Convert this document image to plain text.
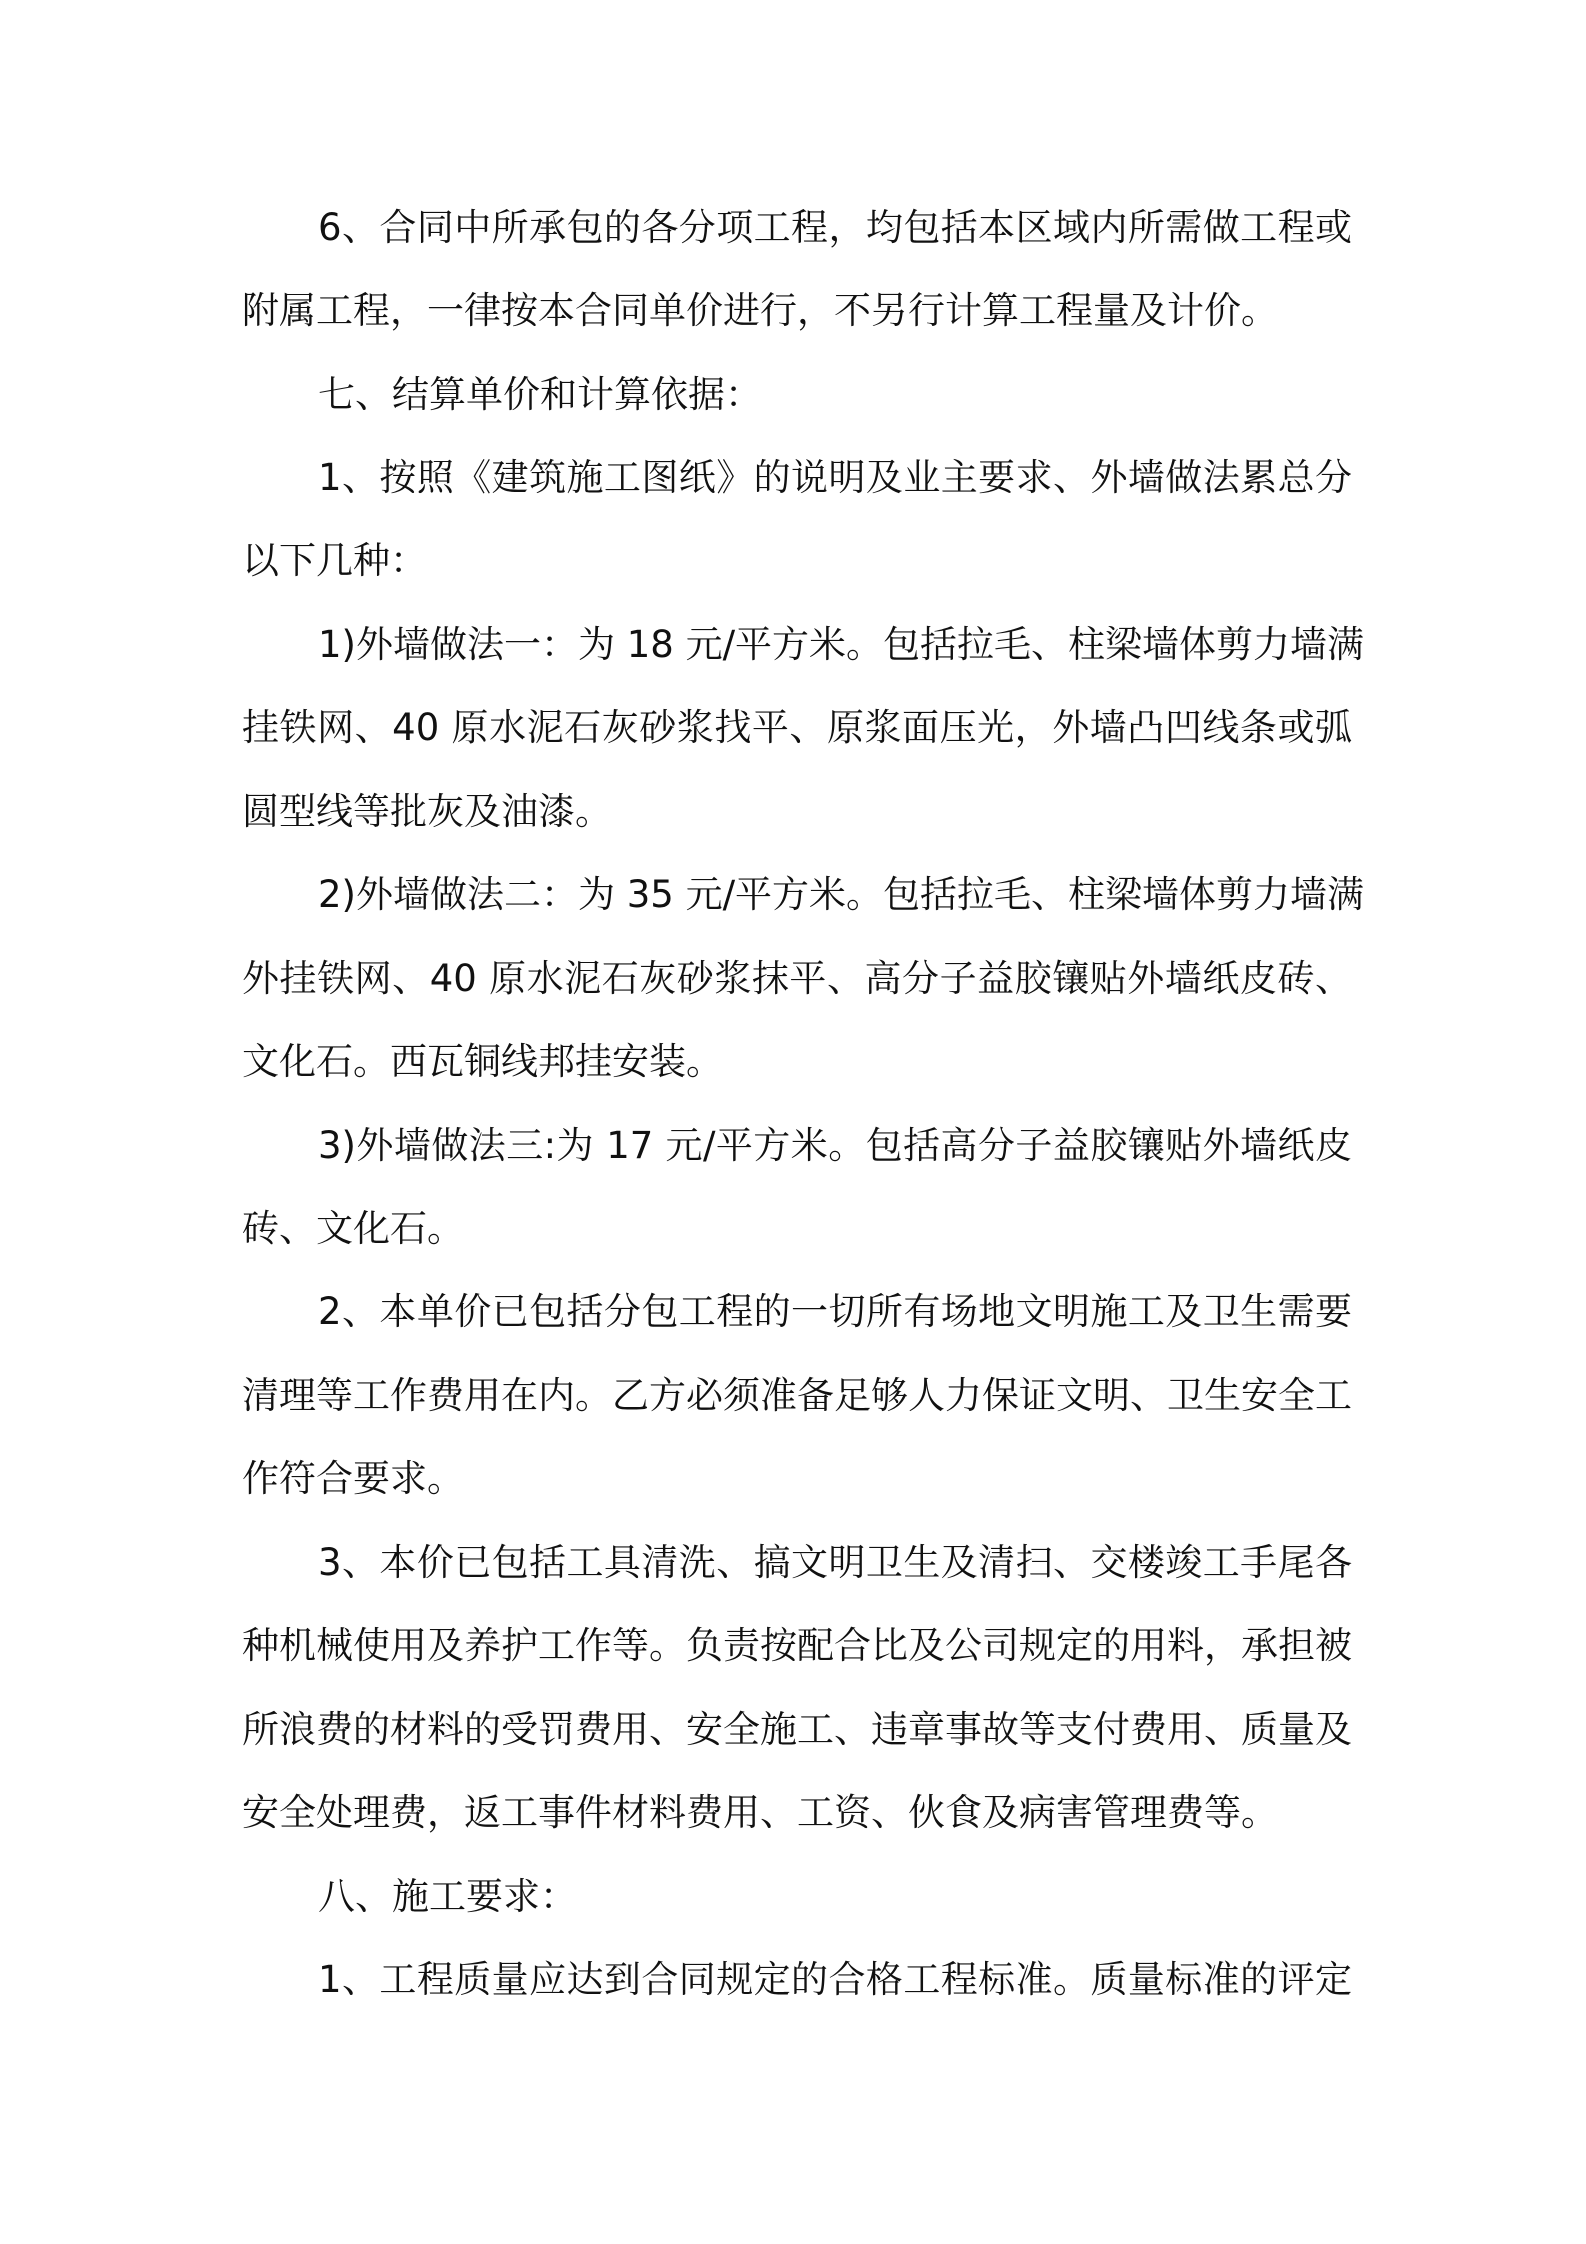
6、合同中所承包的各分项工程，均包括本区域内所需做工程或
附属工程，一律按本合同单价进行，不另行计算工程量及计价。
七、结算单价和计算依据：
1、按照《建筑施工图纸》的说明及业主要求、外墙做法累总分
以下几种：
1)外墙做法一：为 18 元/平方米。包括拉毛、柱梁墙体剪力墙满
挂铁网、40 原水泥石灰砂浆找平、原浆面压光，外墙凸凹线条或弧
圆型线等批灰及油漆。
2)外墙做法二：为 35 元/平方米。包括拉毛、柱梁墙体剪力墙满
外挂铁网、40 原水泥石灰砂浆抹平、高分子益胶镶贴外墙纸皮砖、
文化石。西瓦铜线邦挂安装。
3)外墙做法三:为 17 元/平方米。包括高分子益胶镶贴外墙纸皮
砖、文化石。
2、本单价已包括分包工程的一切所有场地文明施工及卫生需要
清理等工作费用在内。乙方必须准备足够人力保证文明、卫生安全工
作符合要求。
3、本价已包括工具清洗、搞文明卫生及清扫、交楼竣工手尾各
种机械使用及养护工作等。负责按配合比及公司规定的用料，承担被
所浪费的材料的受罚费用、安全施工、违章事故等支付费用、质量及
安全处理费，返工事件材料费用、工资、伙食及病害管理费等。
八、施工要求：
1、工程质量应达到合同规定的合格工程标准。质量标准的评定
